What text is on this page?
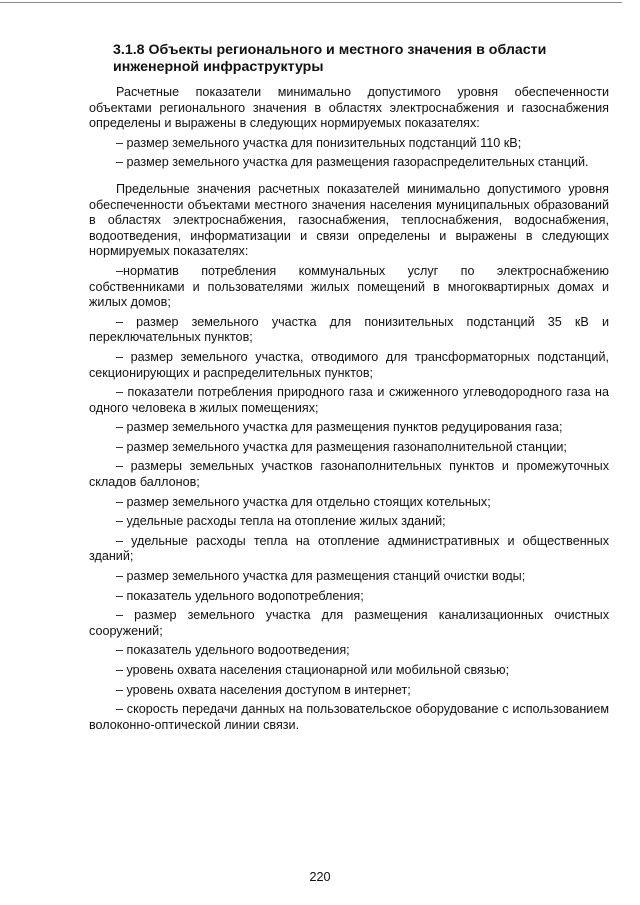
3.1.8 Объекты регионального и местного значения в области инженерной инфраструктуры

Расчетные показатели минимально допустимого уровня обеспеченности объектами регионального значения в областях электроснабжения и газоснабжения определены и выражены в следующих нормируемых показателях:

– размер земельного участка для понизительных подстанций 110 кВ;

– размер земельного участка для размещения газораспределительных станций.

Предельные значения расчетных показателей минимально допустимого уровня обеспеченности объектами местного значения населения муниципальных образований в областях электроснабжения, газоснабжения, теплоснабжения, водоснабжения, водоотведения, информатизации и связи определены и выражены в следующих нормируемых показателях:

–норматив потребления коммунальных услуг по электроснабжению собственниками и пользователями жилых помещений в многоквартирных домах и жилых домов;

– размер земельного участка для понизительных подстанций 35 кВ и переключательных пунктов;

– размер земельного участка, отводимого для трансформаторных подстанций, секционирующих и распределительных пунктов;

– показатели потребления природного газа и сжиженного углеводородного газа на одного человека в жилых помещениях;

– размер земельного участка для размещения пунктов редуцирования газа;

– размер земельного участка для размещения газонаполнительной станции;

– размеры земельных участков газонаполнительных пунктов и промежуточных складов баллонов;

– размер земельного участка для отдельно стоящих котельных;

– удельные расходы тепла на отопление жилых зданий;

– удельные расходы тепла на отопление административных и общественных зданий;

– размер земельного участка для размещения станций очистки воды;

– показатель удельного водопотребления;

– размер земельного участка для размещения канализационных очистных сооружений;

– показатель удельного водоотведения;

– уровень охвата населения стационарной или мобильной связью;

– уровень охвата населения доступом в интернет;

– скорость передачи данных на пользовательское оборудование с использованием волоконно-оптической линии связи.

220
